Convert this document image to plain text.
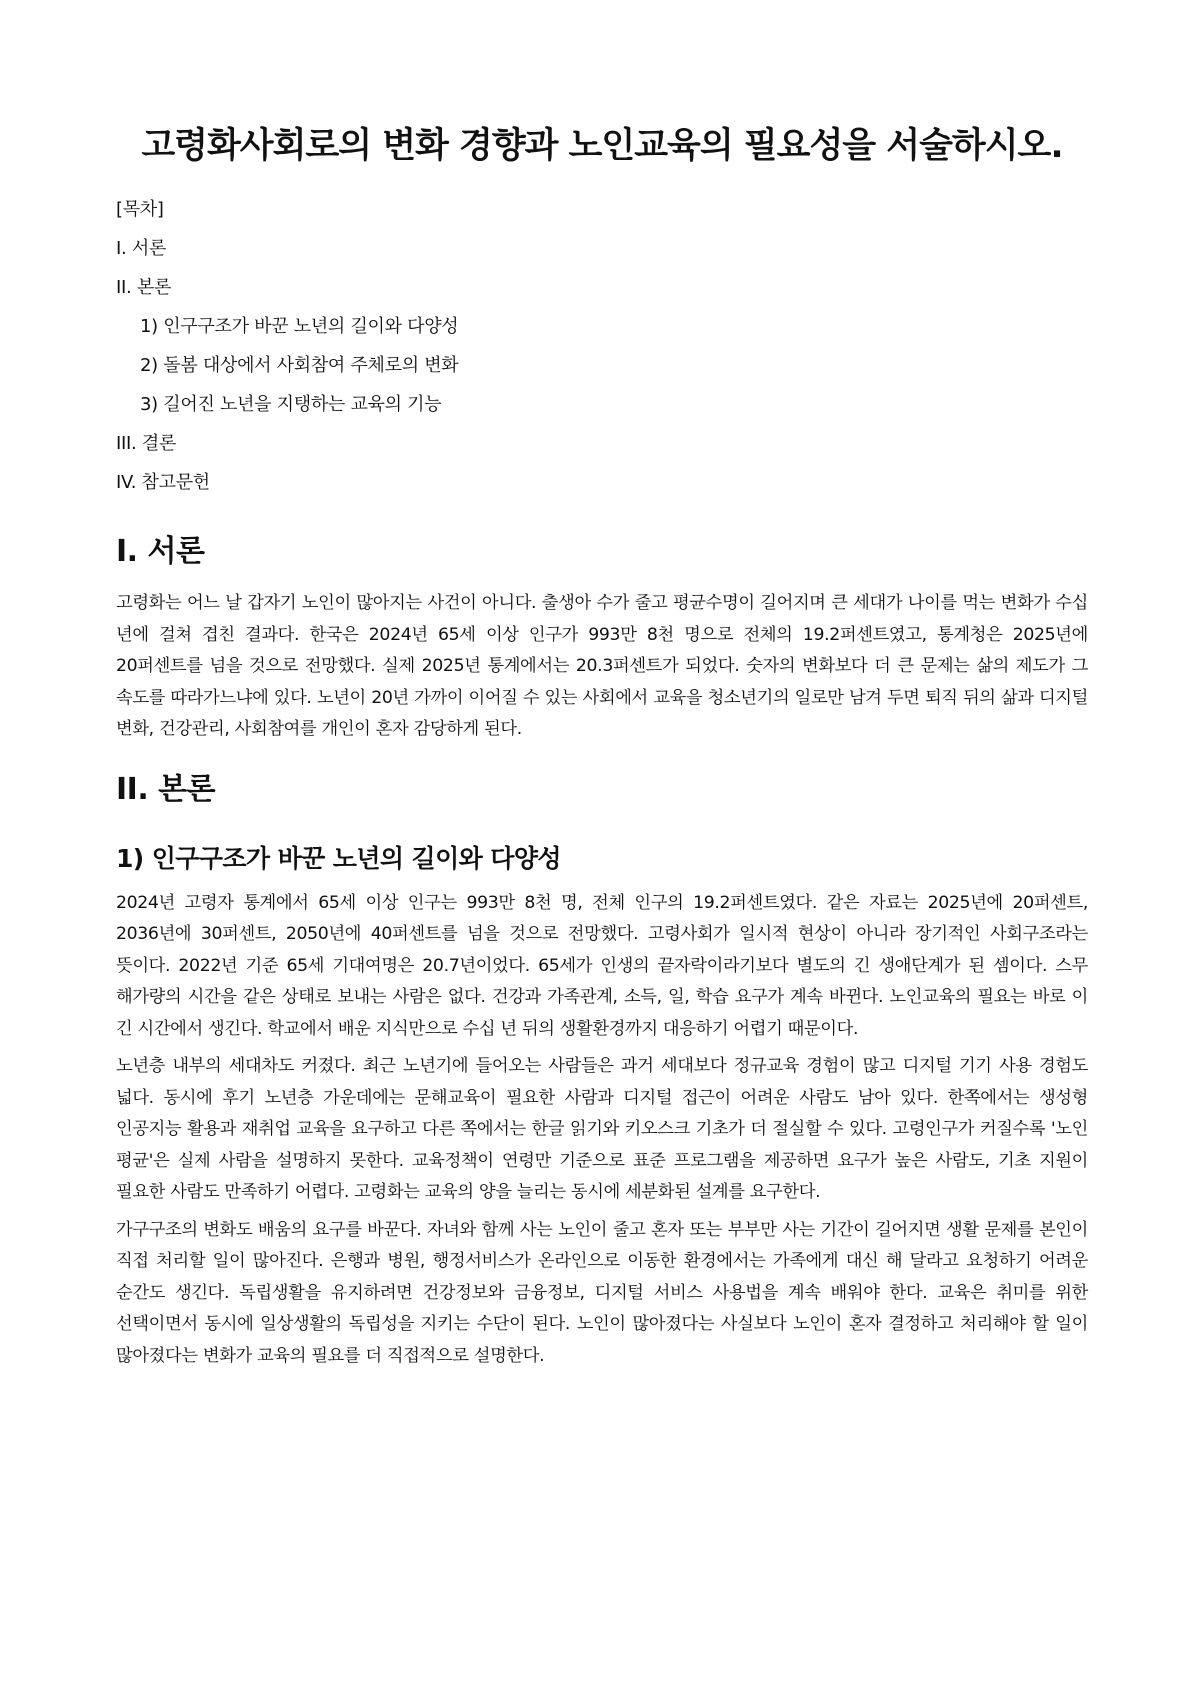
고령화사회로의 변화 경향과 노인교육의 필요성을 서술하시오.
[목차]
I. 서론
II. 본론
1) 인구구조가 바꾼 노년의 길이와 다양성
2) 돌봄 대상에서 사회참여 주체로의 변화
3) 길어진 노년을 지탱하는 교육의 기능
III. 결론
IV. 참고문헌
I. 서론

고령화는 어느 날 갑자기 노인이 많아지는 사건이 아니다. 출생아 수가 줄고 평균수명이 길어지며 큰 세대가 나이를 먹는 변화가 수십 년에 걸쳐 겹친 결과다. 한국은 2024년 65세 이상 인구가 993만 8천 명으로 전체의 19.2퍼센트였고, 통계청은 2025년에 20퍼센트를 넘을 것으로 전망했다. 실제 2025년 통계에서는 20.3퍼센트가 되었다. 숫자의 변화보다 더 큰 문제는 삶의 제도가 그 속도를 따라가느냐에 있다. 노년이 20년 가까이 이어질 수 있는 사회에서 교육을 청소년기의 일로만 남겨 두면 퇴직 뒤의 삶과 디지털 변화, 건강관리, 사회참여를 개인이 혼자 감당하게 된다.

II. 본론
1) 인구구조가 바꾼 노년의 길이와 다양성

2024년 고령자 통계에서 65세 이상 인구는 993만 8천 명, 전체 인구의 19.2퍼센트였다. 같은 자료는 2025년에 20퍼센트, 2036년에 30퍼센트, 2050년에 40퍼센트를 넘을 것으로 전망했다. 고령사회가 일시적 현상이 아니라 장기적인 사회구조라는 뜻이다. 2022년 기준 65세 기대여명은 20.7년이었다. 65세가 인생의 끝자락이라기보다 별도의 긴 생애단계가 된 셈이다. 스무 해가량의 시간을 같은 상태로 보내는 사람은 없다. 건강과 가족관계, 소득, 일, 학습 요구가 계속 바뀐다. 노인교육의 필요는 바로 이 긴 시간에서 생긴다. 학교에서 배운 지식만으로 수십 년 뒤의 생활환경까지 대응하기 어렵기 때문이다.

노년층 내부의 세대차도 커졌다. 최근 노년기에 들어오는 사람들은 과거 세대보다 정규교육 경험이 많고 디지털 기기 사용 경험도 넓다. 동시에 후기 노년층 가운데에는 문해교육이 필요한 사람과 디지털 접근이 어려운 사람도 남아 있다. 한쪽에서는 생성형 인공지능 활용과 재취업 교육을 요구하고 다른 쪽에서는 한글 읽기와 키오스크 기초가 더 절실할 수 있다. 고령인구가 커질수록 '노인 평균'은 실제 사람을 설명하지 못한다. 교육정책이 연령만 기준으로 표준 프로그램을 제공하면 요구가 높은 사람도, 기초 지원이 필요한 사람도 만족하기 어렵다. 고령화는 교육의 양을 늘리는 동시에 세분화된 설계를 요구한다.

가구구조의 변화도 배움의 요구를 바꾼다. 자녀와 함께 사는 노인이 줄고 혼자 또는 부부만 사는 기간이 길어지면 생활 문제를 본인이 직접 처리할 일이 많아진다. 은행과 병원, 행정서비스가 온라인으로 이동한 환경에서는 가족에게 대신 해 달라고 요청하기 어려운 순간도 생긴다. 독립생활을 유지하려면 건강정보와 금융정보, 디지털 서비스 사용법을 계속 배워야 한다. 교육은 취미를 위한 선택이면서 동시에 일상생활의 독립성을 지키는 수단이 된다. 노인이 많아졌다는 사실보다 노인이 혼자 결정하고 처리해야 할 일이 많아졌다는 변화가 교육의 필요를 더 직접적으로 설명한다.
